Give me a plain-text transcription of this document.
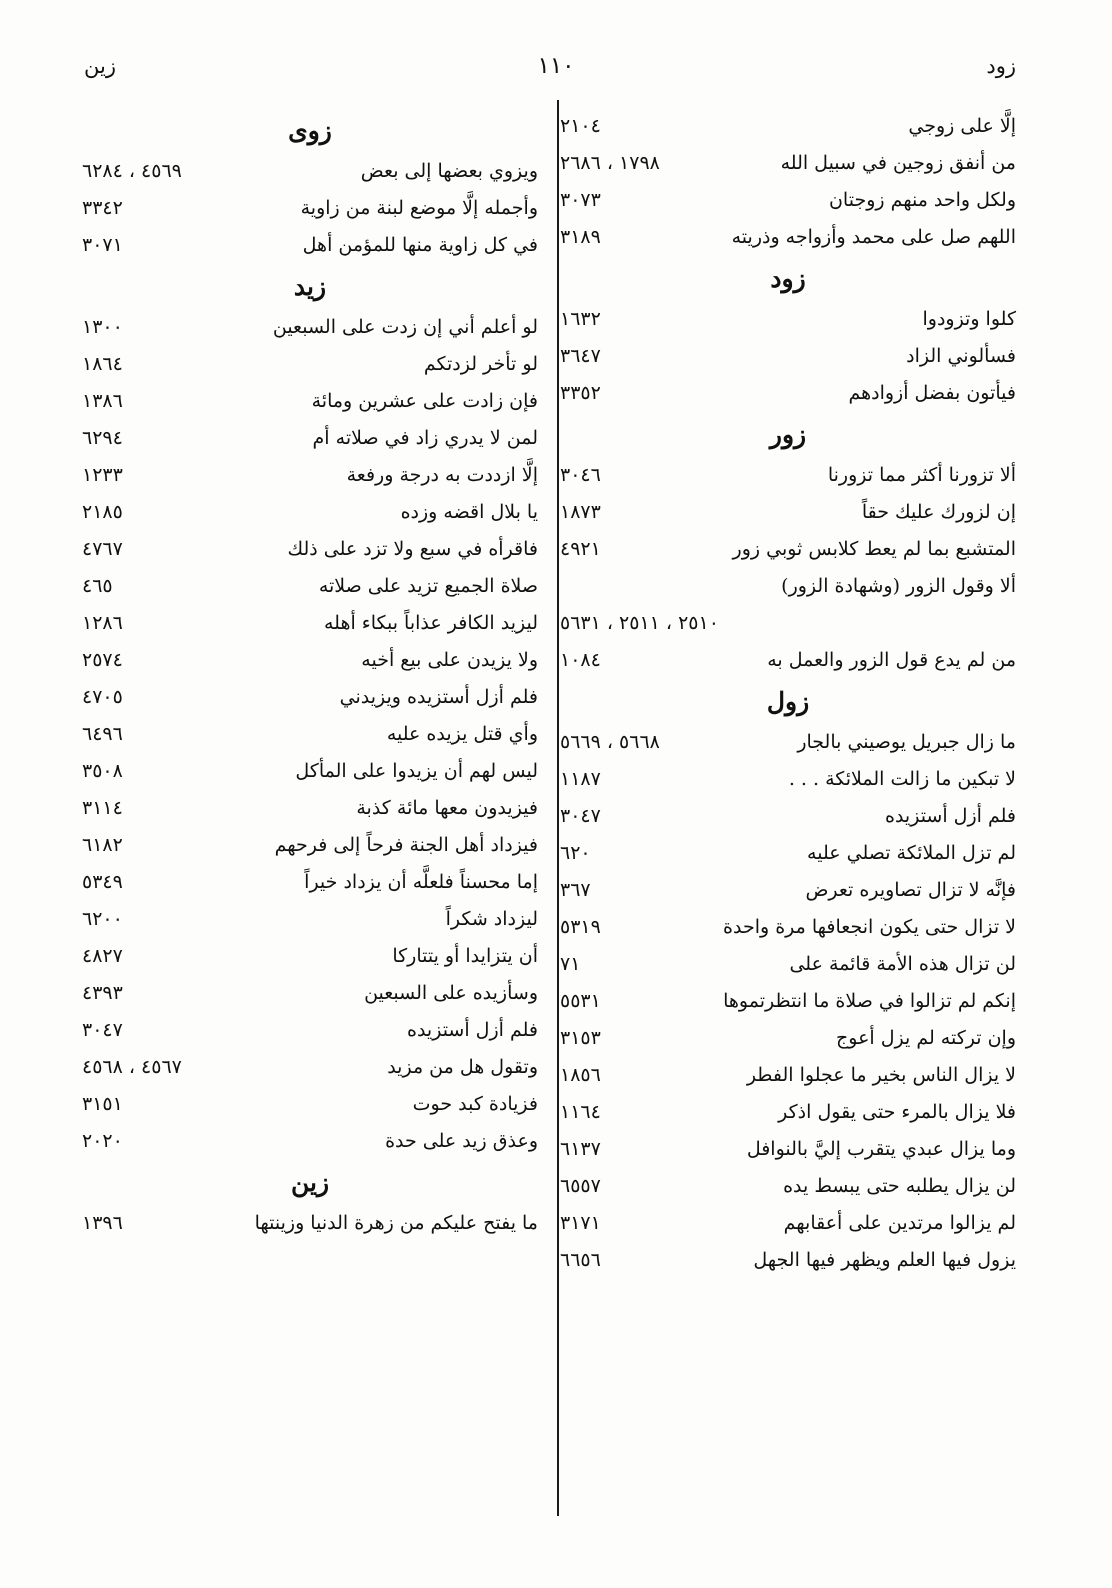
زين	١١٠	زود
إلَّا على زوجي
٢١٠٤
من أنفق زوجين في سبيل الله
١٧٩٨ ، ٢٦٨٦
ولكل واحد منهم زوجتان
٣٠٧٣
اللهم صل على محمد وأزواجه وذريته
٣١٨٩
زود
كلوا وتزودوا
١٦٣٢
فسألوني الزاد
٣٦٤٧
فيأتون بفضل أزوادهم
٣٣٥٢
زور
ألا تزورنا أكثر مما تزورنا
٣٠٤٦
إن لزورك عليك حقاً
١٨٧٣
المتشبع بما لم يعط كلابس ثوبي زور
٤٩٢١
ألا وقول الزور (وشهادة الزور)
٢٥١٠ ، ٢٥١١ ، ٥٦٣١
من لم يدع قول الزور والعمل به
١٠٨٤
زول
ما زال جبريل يوصيني بالجار
٥٦٦٨ ، ٥٦٦٩
لا تبكين ما زالت الملائكة . . .
١١٨٧
فلم أزل أستزيده
٣٠٤٧
لم تزل الملائكة تصلي عليه
٦٢٠
فإنَّه لا تزال تصاويره تعرض
٣٦٧
لا تزال حتى يكون انجعافها مرة واحدة
٥٣١٩
لن تزال هذه الأمة قائمة على
٧١
إنكم لم تزالوا في صلاة ما انتظرتموها
٥٥٣١
وإن تركته لم يزل أعوج
٣١٥٣
لا يزال الناس بخير ما عجلوا الفطر
١٨٥٦
فلا يزال بالمرء حتى يقول اذكر
١١٦٤
وما يزال عبدي يتقرب إليَّ بالنوافل
٦١٣٧
لن يزال يطلبه حتى يبسط يده
٦٥٥٧
لم يزالوا مرتدين على أعقابهم
٣١٧١
يزول فيها العلم ويظهر فيها الجهل
٦٦٥٦
زوى
ويزوي بعضها إلى بعض
٤٥٦٩ ، ٦٢٨٤
وأجمله إلَّا موضع لبنة من زاوية
٣٣٤٢
في كل زاوية منها للمؤمن أهل
٣٠٧١
زيد
لو أعلم أني إن زدت على السبعين
١٣٠٠
لو تأخر لزدتكم
١٨٦٤
فإن زادت على عشرين ومائة
١٣٨٦
لمن لا يدري زاد في صلاته أم
٦٢٩٤
إلَّا ازددت به درجة ورفعة
١٢٣٣
يا بلال اقضه وزده
٢١٨٥
فاقرأه في سبع ولا تزد على ذلك
٤٧٦٧
صلاة الجميع تزيد على صلاته
٤٦٥
ليزيد الكافر عذاباً ببكاء أهله
١٢٨٦
ولا يزيدن على بيع أخيه
٢٥٧٤
فلم أزل أستزيده ويزيدني
٤٧٠٥
وأي قتل يزيده عليه
٦٤٩٦
ليس لهم أن يزيدوا على المأكل
٣٥٠٨
فيزيدون معها مائة كذبة
٣١١٤
فيزداد أهل الجنة فرحاً إلى فرحهم
٦١٨٢
إما محسناً فلعلَّه أن يزداد خيراً
٥٣٤٩
ليزداد شكراً
٦٢٠٠
أن يتزايدا أو يتتاركا
٤٨٢٧
وسأزيده على السبعين
٤٣٩٣
فلم أزل أستزيده
٣٠٤٧
وتقول هل من مزيد
٤٥٦٧ ، ٤٥٦٨
فزيادة كبد حوت
٣١٥١
وعذق زيد على حدة
٢٠٢٠
زين
ما يفتح عليكم من زهرة الدنيا وزينتها
١٣٩٦
